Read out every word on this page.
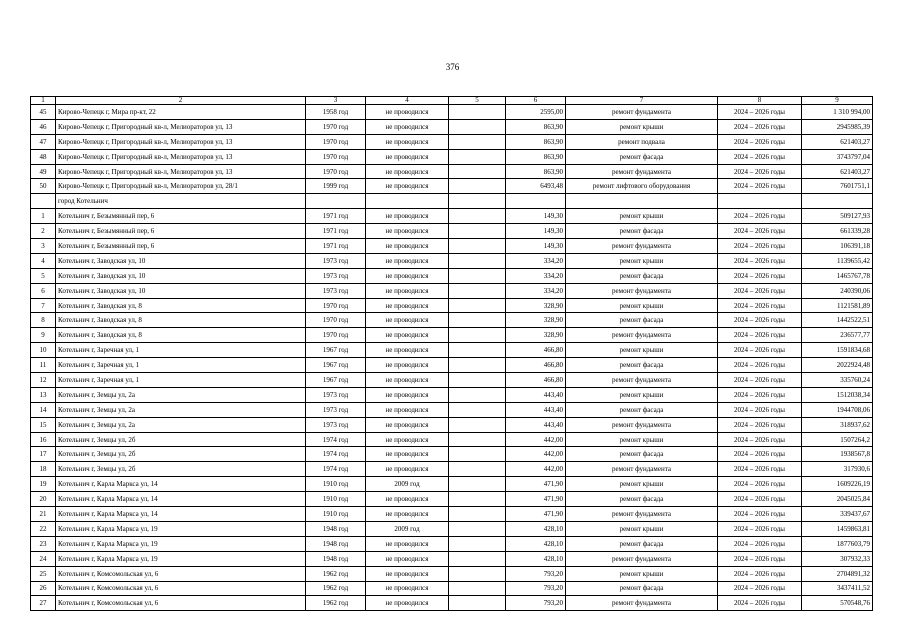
376
1	2	3	4	5	6	7	8	9
45	Кирово-Чепецк г, Мира пр-кт, 22	1958 год	не проводился		2595,00	ремонт фундамента	2024 – 2026 годы	1 310 994,00
46	Кирово-Чепецк г, Пригородный кв-л, Мелиораторов ул, 13	1970 год	не проводился		863,90	ремонт крыши	2024 – 2026 годы	2945985,39
47	Кирово-Чепецк г, Пригородный кв-л, Мелиораторов ул, 13	1970 год	не проводился		863,90	ремонт подвала	2024 – 2026 годы	621403,27
48	Кирово-Чепецк г, Пригородный кв-л, Мелиораторов ул, 13	1970 год	не проводился		863,90	ремонт фасада	2024 – 2026 годы	3743797,04
49	Кирово-Чепецк г, Пригородный кв-л, Мелиораторов ул, 13	1970 год	не проводился		863,90	ремонт фундамента	2024 – 2026 годы	621403,27
50	Кирово-Чепецк г, Пригородный кв-л, Мелиораторов ул, 28/1	1999 год	не проводился		6493,48	ремонт лифтового оборудования	2024 – 2026 годы	7601751,1
	город Котельнич							
1	Котельнич г, Безымянный пер, 6	1971 год	не проводился		149,30	ремонт крыши	2024 – 2026 годы	509127,93
2	Котельнич г, Безымянный пер, 6	1971 год	не проводился		149,30	ремонт фасада	2024 – 2026 годы	661339,28
3	Котельнич г, Безымянный пер, 6	1971 год	не проводился		149,30	ремонт фундамента	2024 – 2026 годы	106391,18
4	Котельнич г, Заводская ул, 10	1973 год	не проводился		334,20	ремонт крыши	2024 – 2026 годы	1139655,42
5	Котельнич г, Заводская ул, 10	1973 год	не проводился		334,20	ремонт фасада	2024 – 2026 годы	1465767,78
6	Котельнич г, Заводская ул, 10	1973 год	не проводился		334,20	ремонт фундамента	2024 – 2026 годы	240390,06
7	Котельнич г, Заводская ул, 8	1970 год	не проводился		328,90	ремонт крыши	2024 – 2026 годы	1121581,89
8	Котельнич г, Заводская ул, 8	1970 год	не проводился		328,90	ремонт фасада	2024 – 2026 годы	1442522,51
9	Котельнич г, Заводская ул, 8	1970 год	не проводился		328,90	ремонт фундамента	2024 – 2026 годы	236577,77
10	Котельнич г, Заречная ул, 1	1967 год	не проводился		466,80	ремонт крыши	2024 – 2026 годы	1591834,68
11	Котельнич г, Заречная ул, 1	1967 год	не проводился		466,80	ремонт фасада	2024 – 2026 годы	2022924,48
12	Котельнич г, Заречная ул, 1	1967 год	не проводился		466,80	ремонт фундамента	2024 – 2026 годы	335760,24
13	Котельнич г, Земцы ул, 2а	1973 год	не проводился		443,40	ремонт крыши	2024 – 2026 годы	1512038,34
14	Котельнич г, Земцы ул, 2а	1973 год	не проводился		443,40	ремонт фасада	2024 – 2026 годы	1944708,06
15	Котельнич г, Земцы ул, 2а	1973 год	не проводился		443,40	ремонт фундамента	2024 – 2026 годы	318937,62
16	Котельнич г, Земцы ул, 2б	1974 год	не проводился		442,00	ремонт крыши	2024 – 2026 годы	1507264,2
17	Котельнич г, Земцы ул, 2б	1974 год	не проводился		442,00	ремонт фасада	2024 – 2026 годы	1938567,8
18	Котельнич г, Земцы ул, 2б	1974 год	не проводился		442,00	ремонт фундамента	2024 – 2026 годы	317930,6
19	Котельнич г, Карла Маркса ул, 14	1910 год	2009 год		471,90	ремонт крыши	2024 – 2026 годы	1609226,19
20	Котельнич г, Карла Маркса ул, 14	1910 год	не проводился		471,90	ремонт фасада	2024 – 2026 годы	2045025,84
21	Котельнич г, Карла Маркса ул, 14	1910 год	не проводился		471,90	ремонт фундамента	2024 – 2026 годы	339437,67
22	Котельнич г, Карла Маркса ул, 19	1948 год	2009 год		428,10	ремонт крыши	2024 – 2026 годы	1459863,81
23	Котельнич г, Карла Маркса ул, 19	1948 год	не проводился		428,10	ремонт фасада	2024 – 2026 годы	1877603,79
24	Котельнич г, Карла Маркса ул, 19	1948 год	не проводился		428,10	ремонт фундамента	2024 – 2026 годы	307932,33
25	Котельнич г, Комсомольская ул, 6	1962 год	не проводился		793,20	ремонт крыши	2024 – 2026 годы	2704891,32
26	Котельнич г, Комсомольская ул, 6	1962 год	не проводился		793,20	ремонт фасада	2024 – 2026 годы	3437411,52
27	Котельнич г, Комсомольская ул, 6	1962 год	не проводился		793,20	ремонт фундамента	2024 – 2026 годы	570548,76
